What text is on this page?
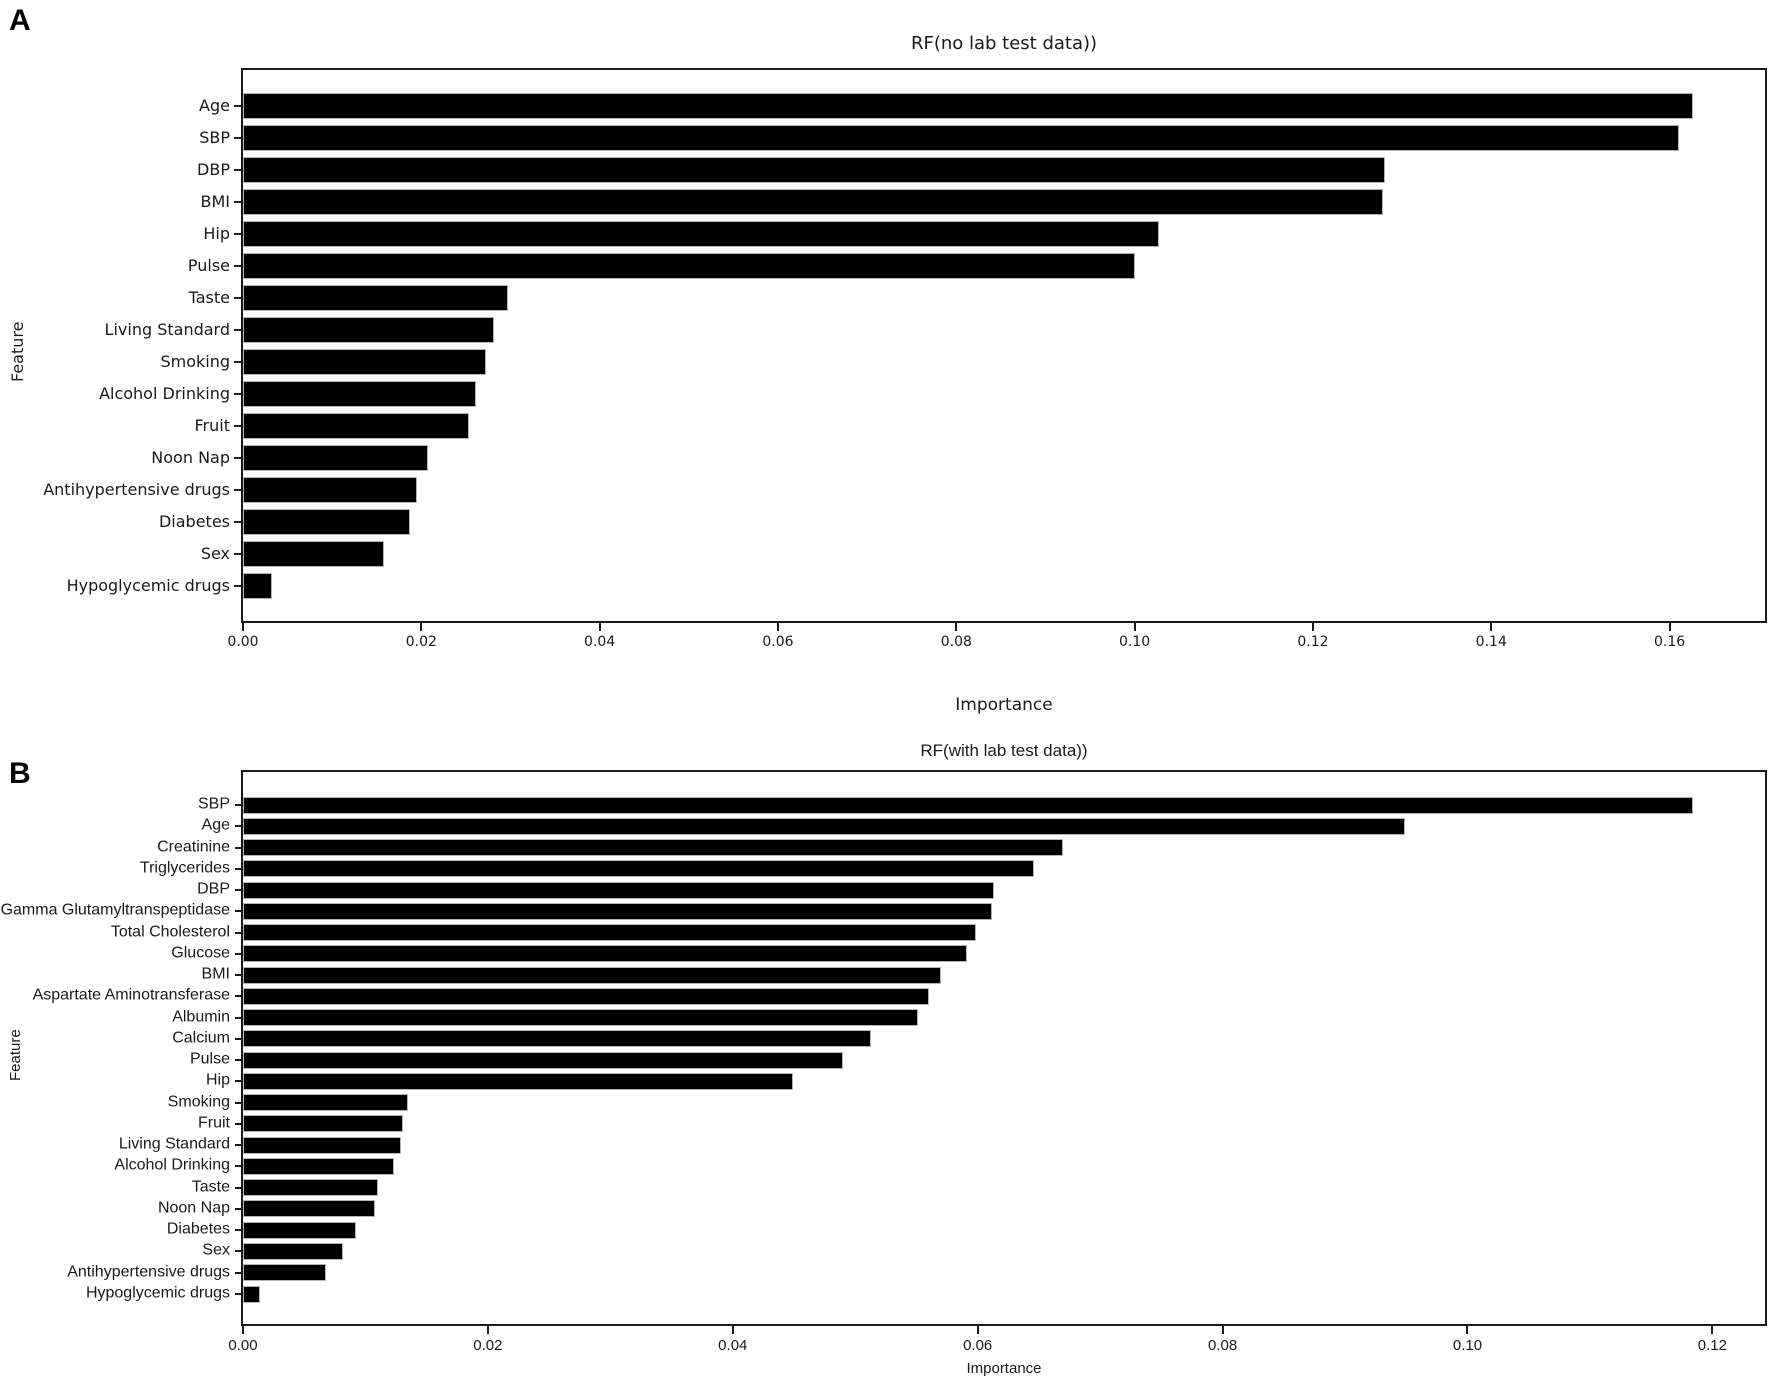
A
RF(no lab test data))
Age
SBP
DBP
BMI
Hip
Pulse
Taste
Living Standard
Smoking
Alcohol Drinking
Fruit
Noon Nap
Antihypertensive drugs
Diabetes
Sex
Hypoglycemic drugs
0.00	0.02	0.04	0.06	0.08	0.10	0.12	0.14	0.16
Feature
Importance
B
RF(with lab test data))
SBP
Age
Creatinine
Triglycerides
DBP
Gamma Glutamyltranspeptidase
Total Cholesterol
Glucose
BMI
Aspartate Aminotransferase
Albumin
Calcium
Pulse
Hip
Smoking
Fruit
Living Standard
Alcohol Drinking
Taste
Noon Nap
Diabetes
Sex
Antihypertensive drugs
Hypoglycemic drugs
0.00	0.02	0.04	0.06	0.08	0.10	0.12
Feature
Importance
